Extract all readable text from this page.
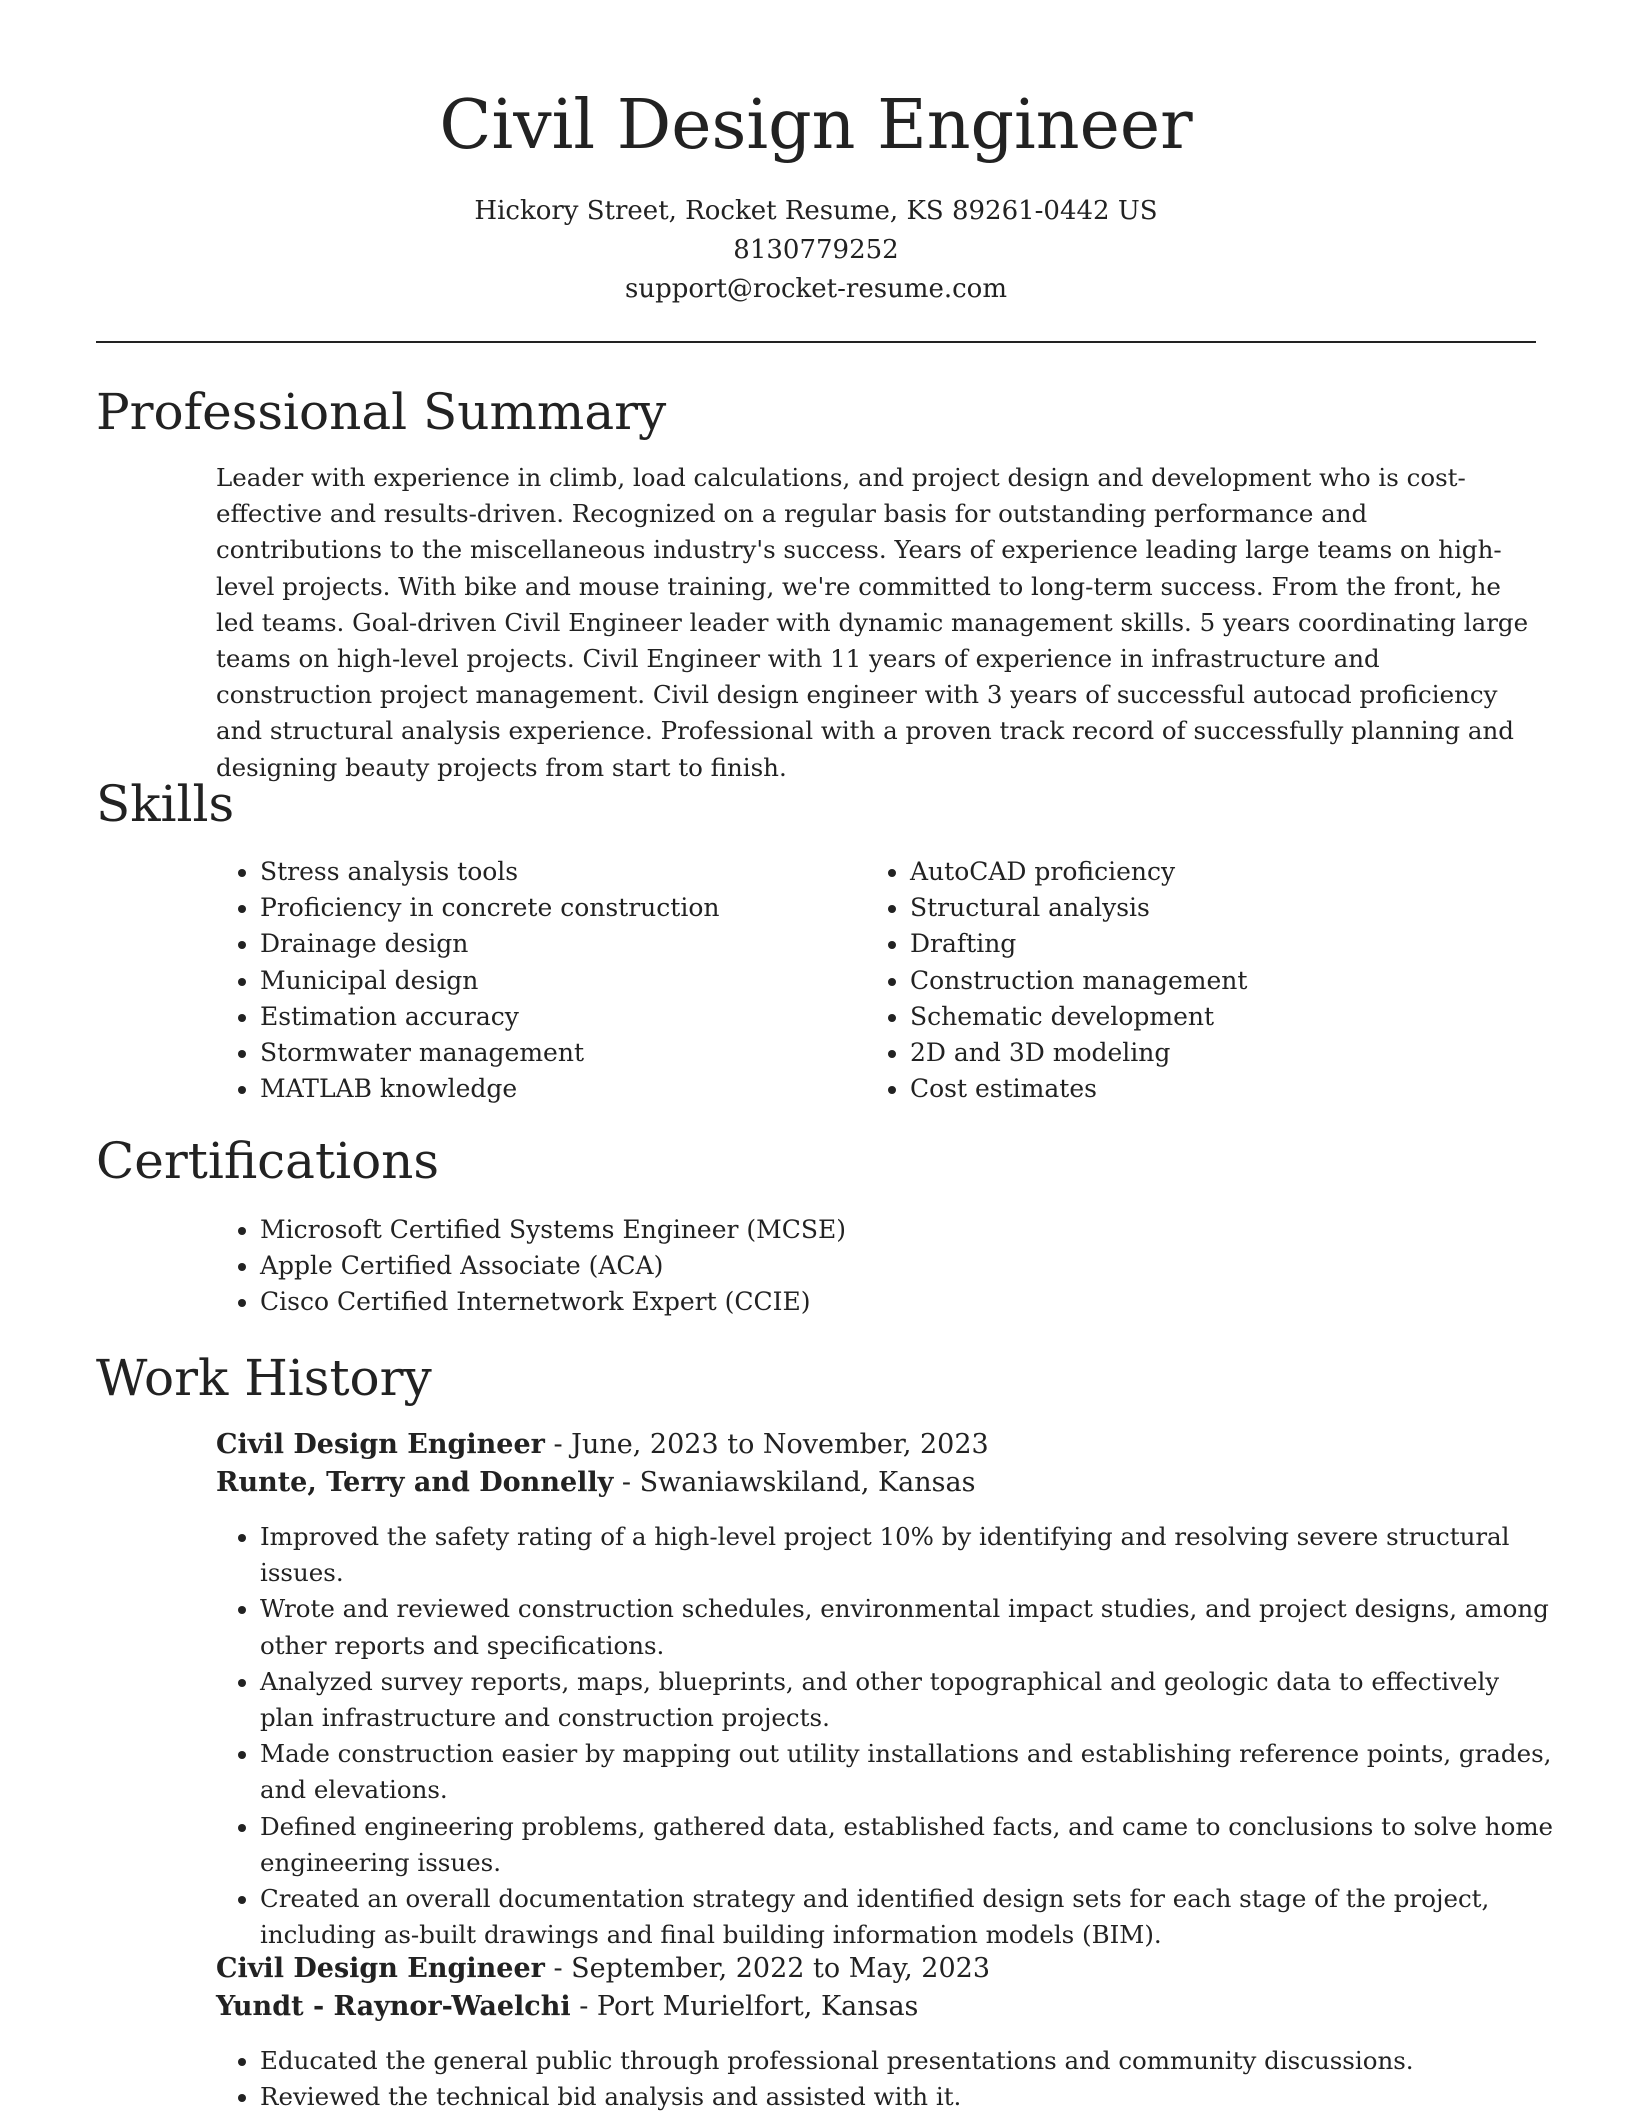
Civil Design Engineer
Hickory Street, Rocket Resume, KS 89261-0442 US
8130779252
support@rocket-resume.com
Professional Summary

Leader with experience in climb, load calculations, and project design and development who is cost-effective and results-driven. Recognized on a regular basis for outstanding performance and contributions to the miscellaneous industry's success. Years of experience leading large teams on high-level projects. With bike and mouse training, we're committed to long-term success. From the front, he led teams. Goal-driven Civil Engineer leader with dynamic management skills. 5 years coordinating large teams on high-level projects. Civil Engineer with 11 years of experience in infrastructure and construction project management. Civil design engineer with 3 years of successful autocad proficiency and structural analysis experience. Professional with a proven track record of successfully planning and designing beauty projects from start to finish.

Skills
• Stress analysis tools
• Proficiency in concrete construction
• Drainage design
• Municipal design
• Estimation accuracy
• Stormwater management
• MATLAB knowledge
• AutoCAD proficiency
• Structural analysis
• Drafting
• Construction management
• Schematic development
• 2D and 3D modeling
• Cost estimates
Certifications
• Microsoft Certified Systems Engineer (MCSE)
• Apple Certified Associate (ACA)
• Cisco Certified Internetwork Expert (CCIE)
Work History
Civil Design Engineer - June, 2023 to November, 2023
Runte, Terry and Donnelly - Swaniawskiland, Kansas
• Improved the safety rating of a high-level project 10% by identifying and resolving severe structural issues.
• Wrote and reviewed construction schedules, environmental impact studies, and project designs, among other reports and specifications.
• Analyzed survey reports, maps, blueprints, and other topographical and geologic data to effectively plan infrastructure and construction projects.
• Made construction easier by mapping out utility installations and establishing reference points, grades, and elevations.
• Defined engineering problems, gathered data, established facts, and came to conclusions to solve home engineering issues.
• Created an overall documentation strategy and identified design sets for each stage of the project, including as-built drawings and final building information models (BIM).
Civil Design Engineer - September, 2022 to May, 2023
Yundt - Raynor-Waelchi - Port Murielfort, Kansas
• Educated the general public through professional presentations and community discussions.
• Reviewed the technical bid analysis and assisted with it.
